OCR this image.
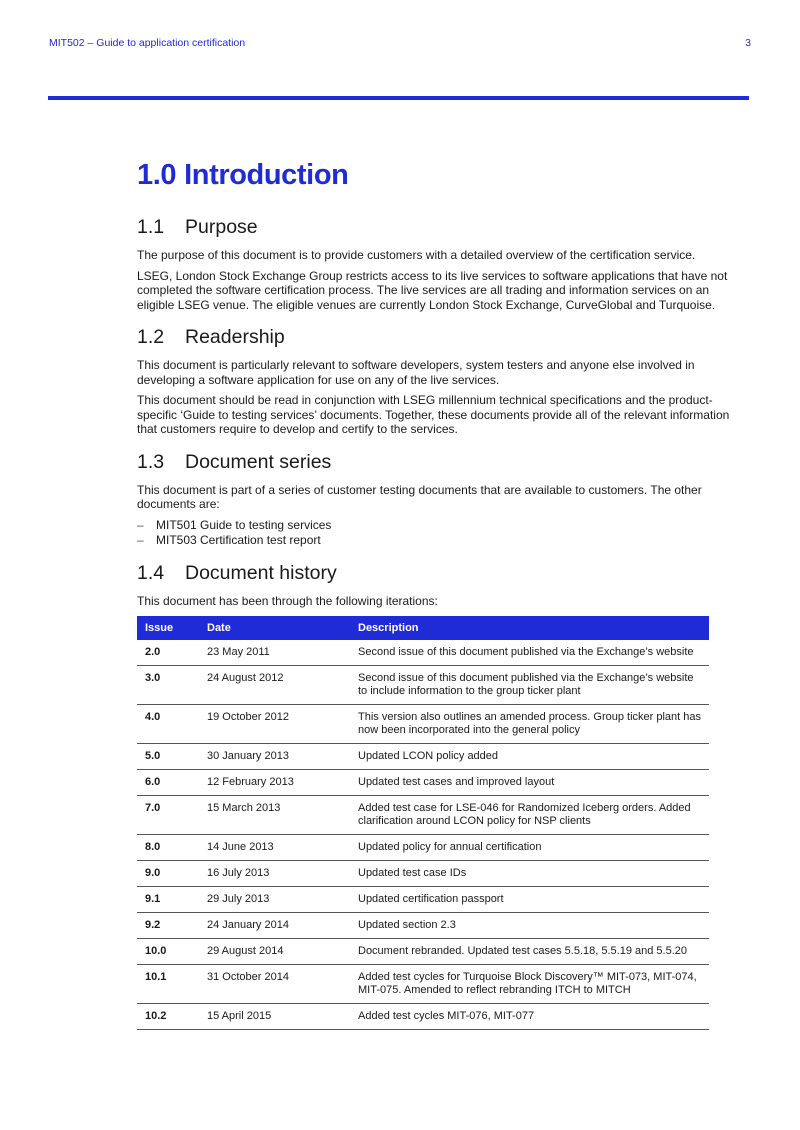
MIT502 – Guide to application certification	3
1.0 Introduction
1.1 Purpose

The purpose of this document is to provide customers with a detailed overview of the certification service.

LSEG, London Stock Exchange Group restricts access to its live services to software applications that have not completed the software certification process. The live services are all trading and information services on an eligible LSEG venue. The eligible venues are currently London Stock Exchange, CurveGlobal and Turquoise.

1.2 Readership

This document is particularly relevant to software developers, system testers and anyone else involved in developing a software application for use on any of the live services.

This document should be read in conjunction with LSEG millennium technical specifications and the product-specific ‘Guide to testing services’ documents. Together, these documents provide all of the relevant information that customers require to develop and certify to the services.

1.3 Document series

This document is part of a series of customer testing documents that are available to customers. The other documents are:

– MIT501 Guide to testing services
– MIT503 Certification test report
1.4 Document history

This document has been through the following iterations:

Issue	Date	Description
2.0	23 May 2011	Second issue of this document published via the Exchange’s website
3.0	24 August 2012	Second issue of this document published via the Exchange’s website to include information to the group ticker plant
4.0	19 October 2012	This version also outlines an amended process. Group ticker plant has now been incorporated into the general policy
5.0	30 January 2013	Updated LCON policy added
6.0	12 February 2013	Updated test cases and improved layout
7.0	15 March 2013	Added test case for LSE-046 for Randomized Iceberg orders. Added clarification around LCON policy for NSP clients
8.0	14 June 2013	Updated policy for annual certification
9.0	16 July 2013	Updated test case IDs
9.1	29 July 2013	Updated certification passport
9.2	24 January 2014	Updated section 2.3
10.0	29 August 2014	Document rebranded. Updated test cases 5.5.18, 5.5.19 and 5.5.20
10.1	31 October 2014	Added test cycles for Turquoise Block Discovery™ MIT-073, MIT-074, MIT-075. Amended to reflect rebranding ITCH to MITCH
10.2	15 April 2015	Added test cycles MIT-076, MIT-077
